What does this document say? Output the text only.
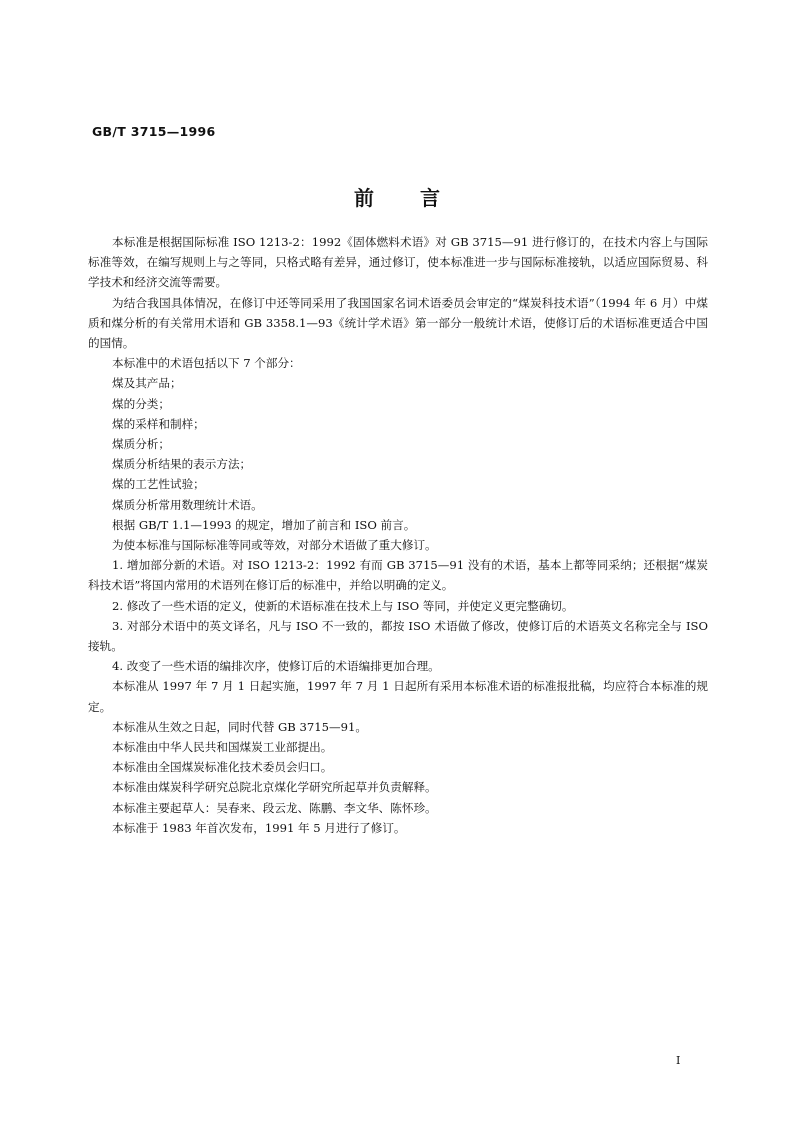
GB/T 3715—1996
前言

本标准是根据国际标准 ISO 1213-2：1992《固体燃料术语》对 GB 3715—91 进行修订的，在技术内容上与国际标准等效，在编写规则上与之等同，只格式略有差异，通过修订，使本标准进一步与国际标准接轨，以适应国际贸易、科学技术和经济交流等需要。

为结合我国具体情况，在修订中还等同采用了我国国家名词术语委员会审定的“煤炭科技术语”（1994 年 6 月）中煤质和煤分析的有关常用术语和 GB 3358.1—93《统计学术语》第一部分一般统计术语，使修订后的术语标准更适合中国的国情。

本标准中的术语包括以下 7 个部分：

煤及其产品；

煤的分类；

煤的采样和制样；

煤质分析；

煤质分析结果的表示方法；

煤的工艺性试验；

煤质分析常用数理统计术语。

根据 GB/T 1.1—1993 的规定，增加了前言和 ISO 前言。

为使本标准与国际标准等同或等效，对部分术语做了重大修订。

1. 增加部分新的术语。对 ISO 1213-2：1992 有而 GB 3715—91 没有的术语，基本上都等同采纳；还根据“煤炭科技术语”将国内常用的术语列在修订后的标准中，并给以明确的定义。

2. 修改了一些术语的定义，使新的术语标准在技术上与 ISO 等同，并使定义更完整确切。

3. 对部分术语中的英文译名，凡与 ISO 不一致的，都按 ISO 术语做了修改，使修订后的术语英文名称完全与 ISO 接轨。

4. 改变了一些术语的编排次序，使修订后的术语编排更加合理。

本标准从 1997 年 7 月 1 日起实施，1997 年 7 月 1 日起所有采用本标准术语的标准报批稿，均应符合本标准的规定。

本标准从生效之日起，同时代替 GB 3715—91。

本标准由中华人民共和国煤炭工业部提出。

本标准由全国煤炭标准化技术委员会归口。

本标准由煤炭科学研究总院北京煤化学研究所起草并负责解释。

本标准主要起草人：吴春来、段云龙、陈鹏、李文华、陈怀珍。

本标准于 1983 年首次发布，1991 年 5 月进行了修订。

I
